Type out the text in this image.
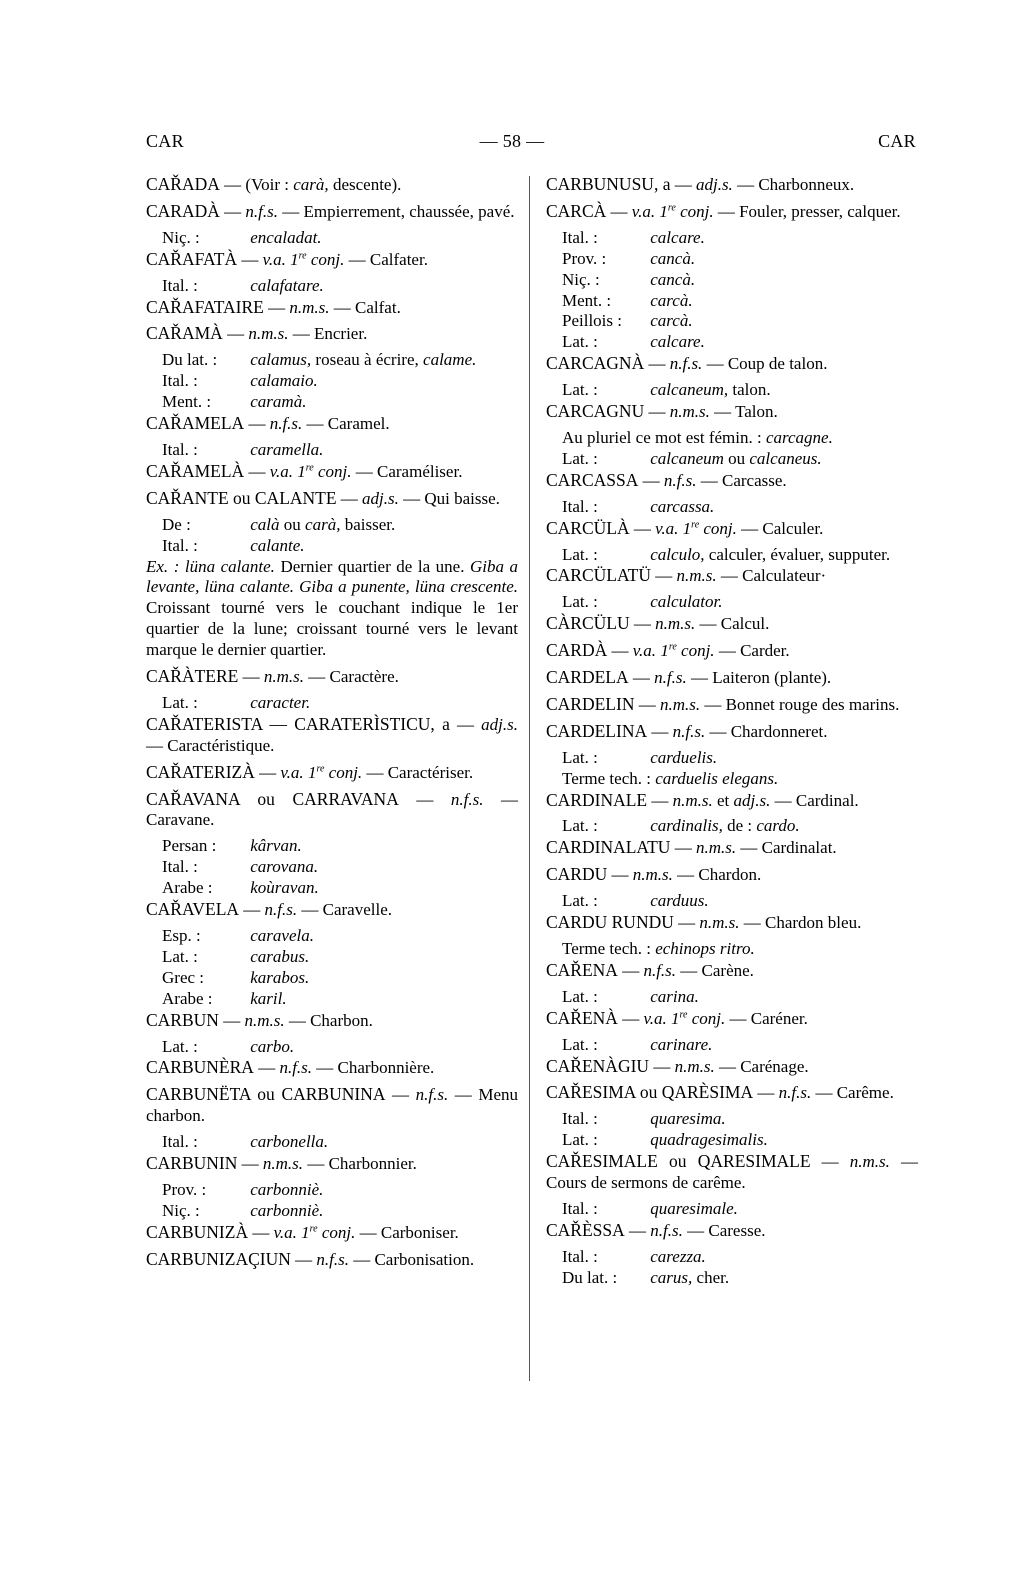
CAR	— 58 —	CAR
CAŘADA — (Voir : carà, descente).
CARADÀ — n.f.s. — Empierrement, chaussée, pavé.
Niç. :	encaladat.
CAŘAFATÀ — v.a. 1re conj. — Calfater.
Ital. :	calafatare.
CAŘAFATAIRE — n.m.s. — Calfat.
CAŘAMÀ — n.m.s. — Encrier.
Du lat. : calamus, roseau à écrire, calame.
Ital. :	calamaio.
Ment. : caramà.
CAŘAMELA — n.f.s. — Caramel.
Ital. :	caramella.
CAŘAMELÀ — v.a. 1re conj. — Caraméliser.
CAŘANTE ou CALANTE — adj.s. — Qui baisse.
De :	calà ou carà, baisser.
Ital. :	calante.
Ex. : lüna calante. Dernier quartier de la une. Giba a levante, lüna calante. Giba a punente, lüna crescente. Croissant tourné vers le couchant indique le 1er quartier de la lune; croissant tourné vers le levant marque le dernier quartier.
CAŘÀTERE — n.m.s. — Caractère.
Lat. :	caracter.
CAŘATERISTA — CARATERÌSTICU, a — adj.s. — Caractéristique.
CAŘATERIZÀ — v.a. 1re conj. — Caractériser.
CAŘAVANA ou CARRAVANA — n.f.s. — Caravane.
Persan : kârvan.
Ital. :	carovana.
Arabe : koùravan.
CAŘAVELA — n.f.s. — Caravelle.
Esp. :	caravela.
Lat. :	carabus.
Grec :	karabos.
Arabe : karil.
CARBUN — n.m.s. — Charbon.
Lat. :	carbo.
CARBUNÈRA — n.f.s. — Charbonnière.
CARBUNËTA ou CARBUNINA — n.f.s. — Menu charbon.
Ital. :	carbonella.
CARBUNIN — n.m.s. — Charbonnier.
Prov. :	carbonniè.
Niç. :	carbonniè.
CARBUNIZÀ — v.a. 1re conj. — Carboniser.
CARBUNIZAÇIUN — n.f.s. — Carbonisation.
CARBUNUSU, a — adj.s. — Charbonneux.
CARCÀ — v.a. 1re conj. — Fouler, presser, calquer.
Ital. :	calcare.
Prov. :	cancà.
Niç. :	cancà.
Ment. : carcà.
Peillois : carcà.
Lat. :	calcare.
CARCAGNÀ — n.f.s. — Coup de talon.
Lat. :	calcaneum, talon.
CARCAGNU — n.m.s. — Talon.
Au pluriel ce mot est fémin. : carcagne.
Lat. :	calcaneum ou calcaneus.
CARCASSA — n.f.s. — Carcasse.
Ital. :	carcassa.
CARCÜLÀ — v.a. 1re conj. — Calculer.
Lat. :	calculo, calculer, évaluer, supputer.
CARCÜLATÜ — n.m.s. — Calculateur·
Lat. :	calculator.
CÀRCÜLU — n.m.s. — Calcul.
CARDÀ — v.a. 1re conj. — Carder.
CARDELA — n.f.s. — Laiteron (plante).
CARDELIN — n.m.s. — Bonnet rouge des marins.
CARDELINA — n.f.s. — Chardonneret.
Lat. :	carduelis.
Terme tech. : carduelis elegans.
CARDINALE — n.m.s. et adj.s. — Cardinal.
Lat. :	cardinalis, de : cardo.
CARDINALATU — n.m.s. — Cardinalat.
CARDU — n.m.s. — Chardon.
Lat. :	carduus.
CARDU RUNDU — n.m.s. — Chardon bleu.
Terme tech. : echinops ritro.
CAŘENA — n.f.s. — Carène.
Lat. :	carina.
CAŘENÀ — v.a. 1re conj. — Caréner.
Lat. :	carinare.
CAŘENÀGIU — n.m.s. — Carénage.
CAŘESIMA ou QARÈSIMA — n.f.s. — Carême.
Ital. :	quaresima.
Lat. :	quadragesimalis.
CAŘESIMALE ou QARESIMALE — n.m.s. — Cours de sermons de carême.
Ital. :	quaresimale.
CAŘÈSSA — n.f.s. — Caresse.
Ital. :	carezza.
Du lat. : carus, cher.
